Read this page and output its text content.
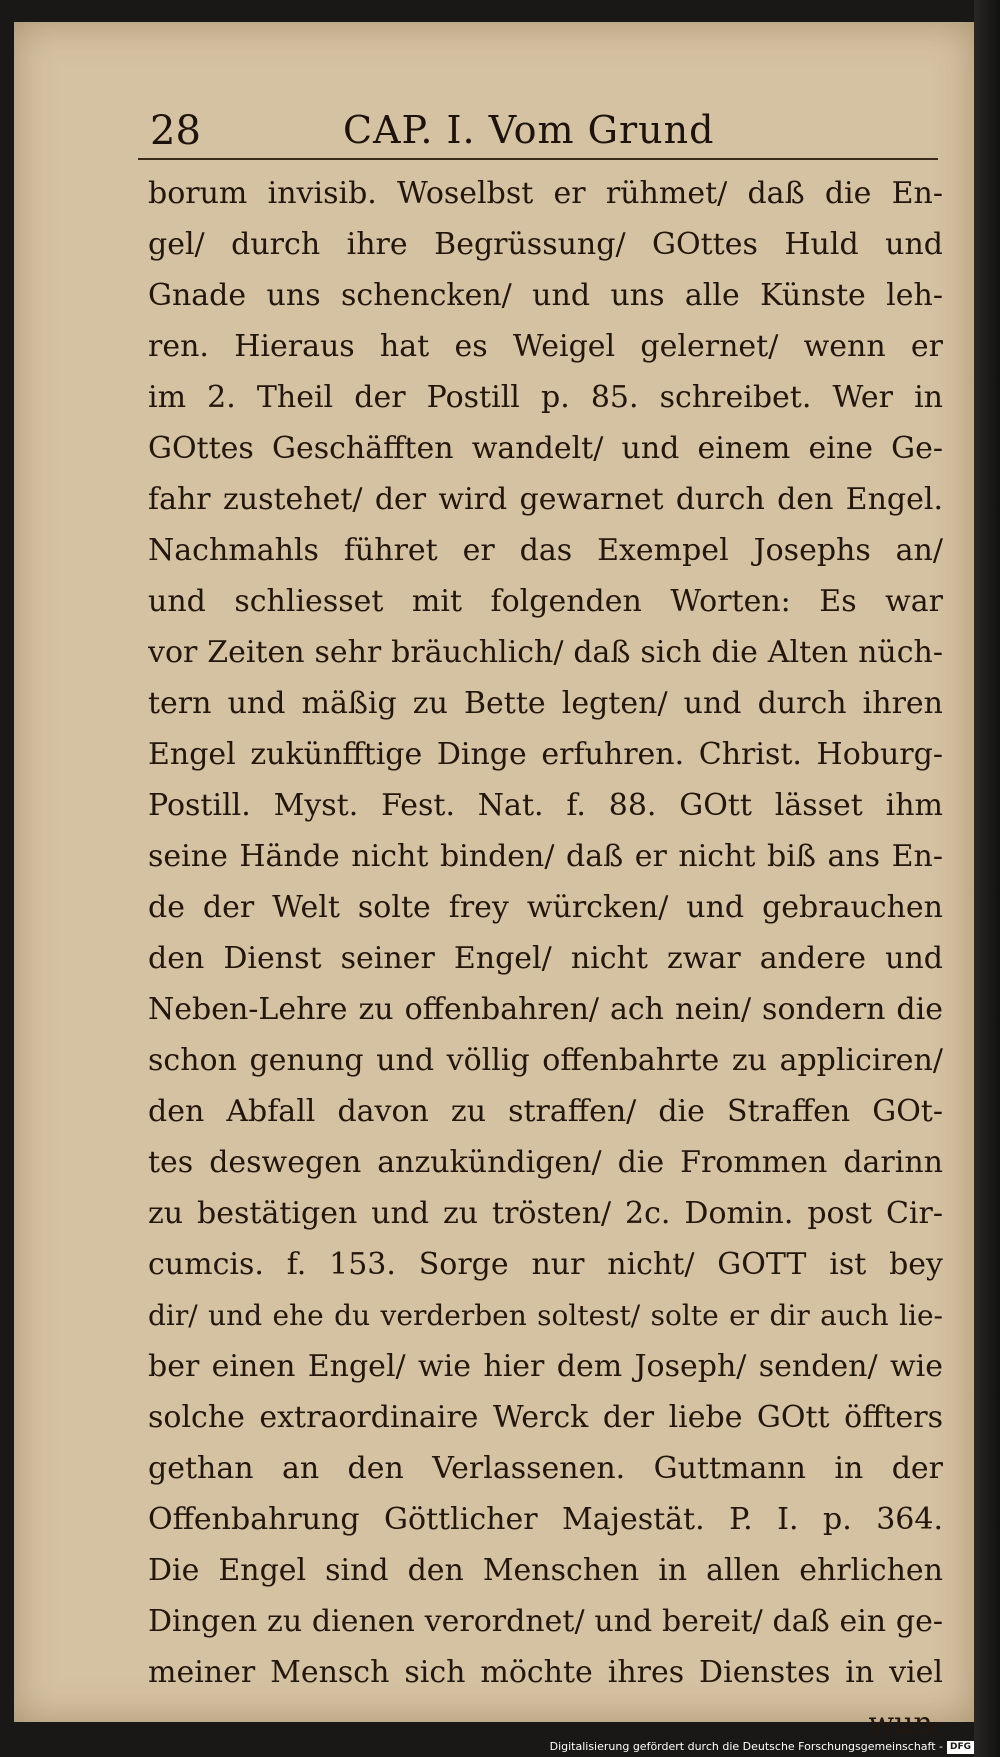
28	CAP. I. Vom Grund
borum invisib. Woselbst er rühmet/ daß die En-
gel/ durch ihre Begrüssung/ GOttes Huld und
Gnade uns schencken/ und uns alle Künste leh-
ren. Hieraus hat es Weigel gelernet/ wenn er
im 2. Theil der Postill p. 85. schreibet. Wer in
GOttes Geschäfften wandelt/ und einem eine Ge-
fahr zustehet/ der wird gewarnet durch den Engel.
Nachmahls führet er das Exempel Josephs an/
und schliesset mit folgenden Worten: Es war
vor Zeiten sehr bräuchlich/ daß sich die Alten nüch-
tern und mäßig zu Bette legten/ und durch ihren
Engel zukünfftige Dinge erfuhren. Christ. Hoburg-
Postill. Myst. Fest. Nat. f. 88. GOtt lässet ihm
seine Hände nicht binden/ daß er nicht biß ans En-
de der Welt solte frey würcken/ und gebrauchen
den Dienst seiner Engel/ nicht zwar andere und
Neben-Lehre zu offenbahren/ ach nein/ sondern die
schon genung und völlig offenbahrte zu appliciren/
den Abfall davon zu straffen/ die Straffen GOt-
tes deswegen anzukündigen/ die Frommen darinn
zu bestätigen und zu trösten/ 2c. Domin. post Cir-
cumcis. f. 153. Sorge nur nicht/ GOTT ist bey
dir/ und ehe du verderben soltest/ solte er dir auch lie-
ber einen Engel/ wie hier dem Joseph/ senden/ wie
solche extraordinaire Werck der liebe GOtt öffters
gethan an den Verlassenen. Guttmann in der
Offenbahrung Göttlicher Majestät. P. I. p. 364.
Die Engel sind den Menschen in allen ehrlichen
Dingen zu dienen verordnet/ und bereit/ daß ein ge-
meiner Mensch sich möchte ihres Dienstes in viel
wun-
Digitalisierung gefördert durch die Deutsche Forschungsgemeinschaft - DFG
